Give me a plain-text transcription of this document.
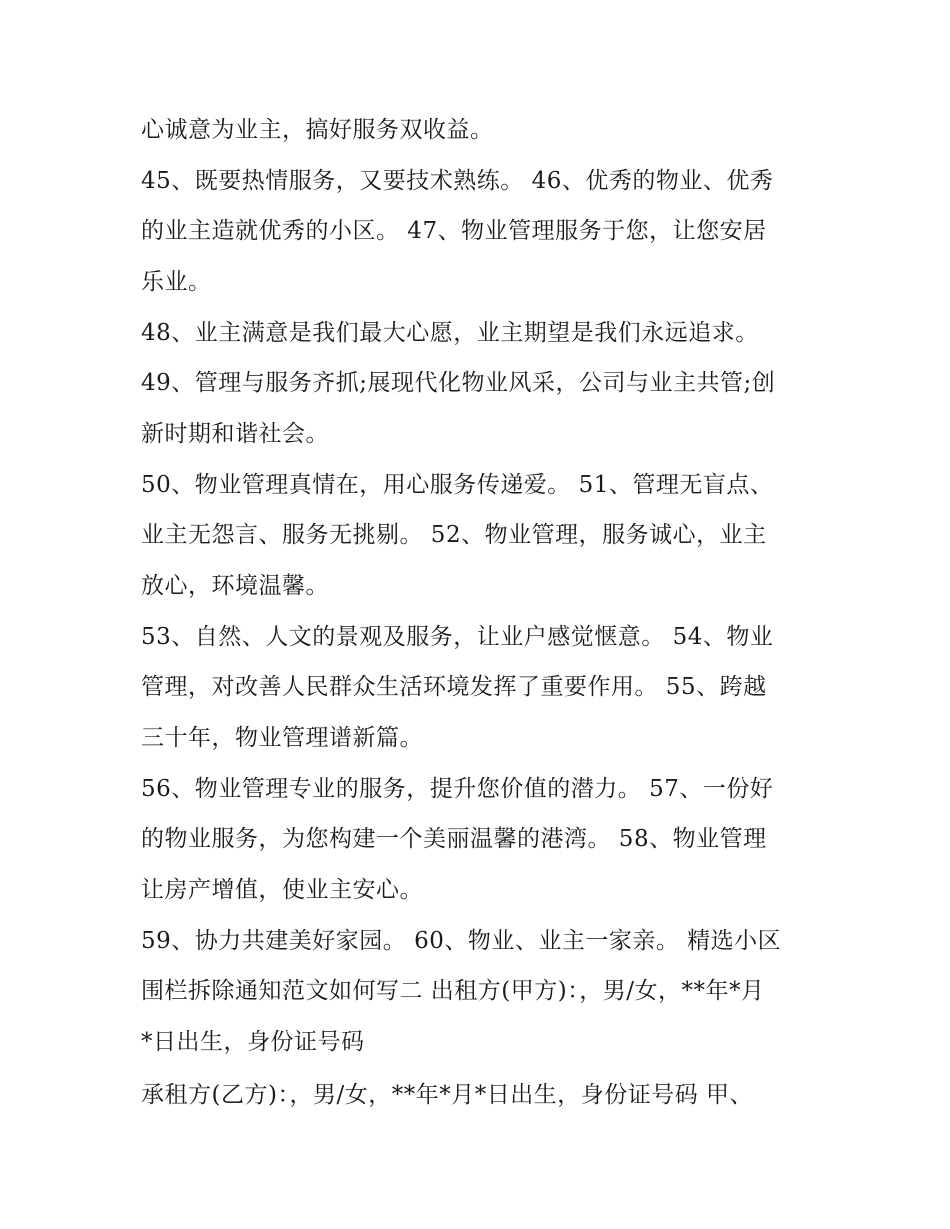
心诚意为业主，搞好服务双收益。
45、既要热情服务，又要技术熟练。 46、优秀的物业、优秀
的业主造就优秀的小区。 47、物业管理服务于您，让您安居
乐业。
48、业主满意是我们最大心愿，业主期望是我们永远追求。
49、管理与服务齐抓;展现代化物业风采，公司与业主共管;创
新时期和谐社会。
50、物业管理真情在，用心服务传递爱。 51、管理无盲点、
业主无怨言、服务无挑剔。 52、物业管理，服务诚心，业主
放心，环境温馨。
53、自然、人文的景观及服务，让业户感觉惬意。 54、物业
管理，对改善人民群众生活环境发挥了重要作用。 55、跨越
三十年，物业管理谱新篇。
56、物业管理专业的服务，提升您价值的潜力。 57、一份好
的物业服务，为您构建一个美丽温馨的港湾。 58、物业管理
让房产增值，使业主安心。
59、协力共建美好家园。 60、物业、业主一家亲。 精选小区
围栏拆除通知范文如何写二 出租方(甲方)：，男/女，**年*月
*日出生，身份证号码
承租方(乙方)：，男/女，**年*月*日出生，身份证号码 甲、
